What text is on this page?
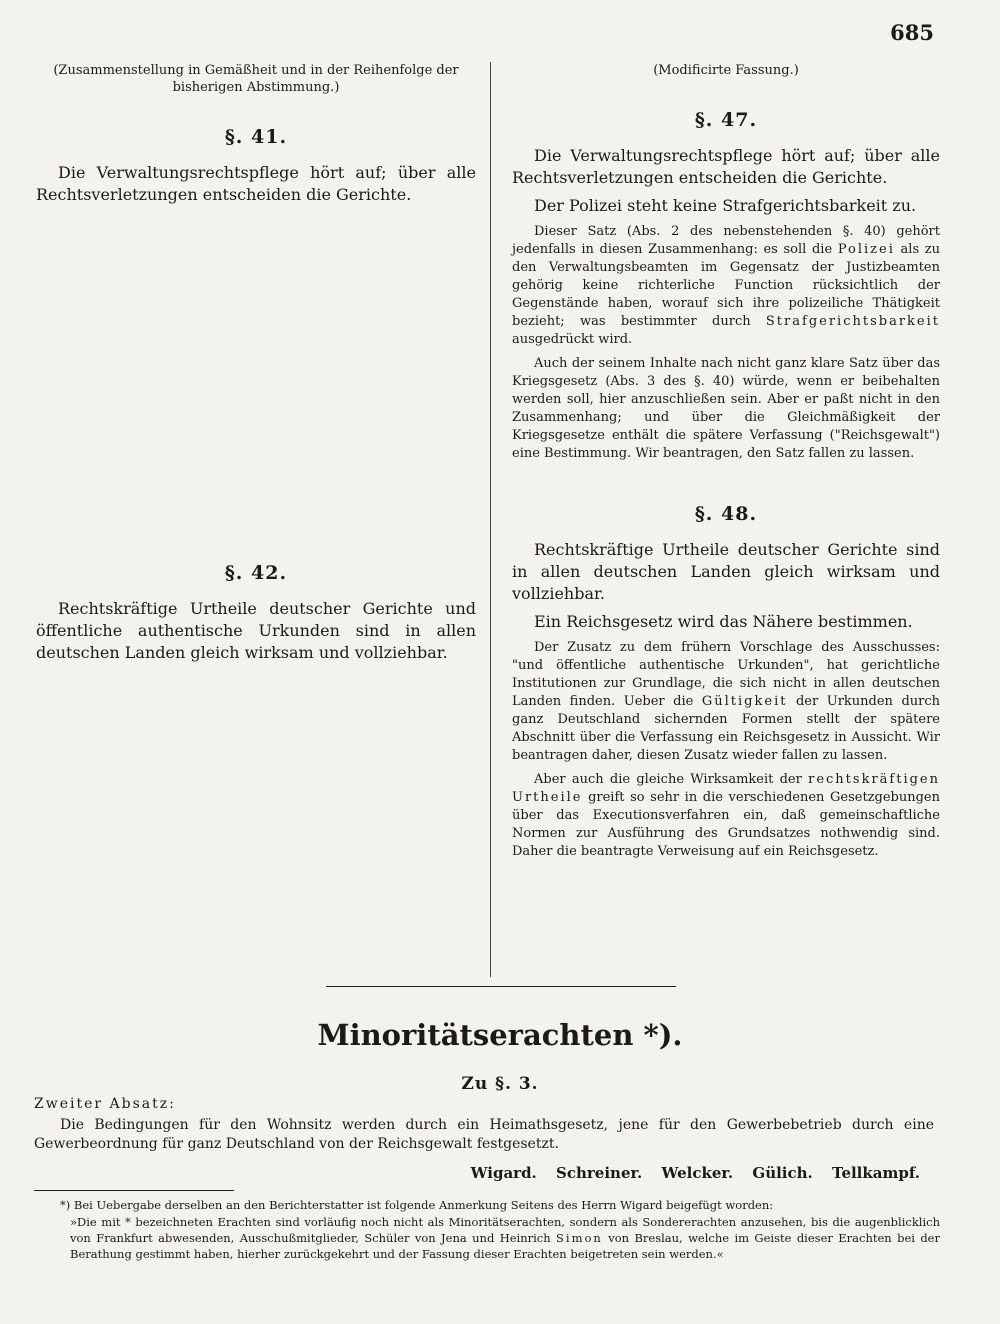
685

(Zusammenstellung in Gemäßheit und in der Reihenfolge der bisherigen Abstimmung.)

§. 41.

Die Verwaltungsrechtspflege hört auf; über alle Rechtsverletzungen entscheiden die Gerichte.

§. 42.

Rechtskräftige Urtheile deutscher Gerichte und öffentliche authentische Urkunden sind in allen deutschen Landen gleich wirksam und vollziehbar.

(Modificirte Fassung.)

§. 47.

Die Verwaltungsrechtspflege hört auf; über alle Rechtsverletzungen entscheiden die Gerichte.

Der Polizei steht keine Strafgerichtsbarkeit zu.

Dieser Satz (Abs. 2 des nebenstehenden §. 40) gehört jedenfalls in diesen Zusammenhang: es soll die Polizei als zu den Verwaltungsbeamten im Gegensatz der Justizbeamten gehörig keine richterliche Function rücksichtlich der Gegenstände haben, worauf sich ihre polizeiliche Thätigkeit bezieht; was bestimmter durch Strafgerichtsbarkeit ausgedrückt wird.

Auch der seinem Inhalte nach nicht ganz klare Satz über das Kriegsgesetz (Abs. 3 des §. 40) würde, wenn er beibehalten werden soll, hier anzuschließen sein. Aber er paßt nicht in den Zusammenhang; und über die Gleichmäßigkeit der Kriegsgesetze enthält die spätere Verfassung ("Reichsgewalt") eine Bestimmung. Wir beantragen, den Satz fallen zu lassen.

§. 48.

Rechtskräftige Urtheile deutscher Gerichte sind in allen deutschen Landen gleich wirksam und vollziehbar.

Ein Reichsgesetz wird das Nähere bestimmen.

Der Zusatz zu dem frühern Vorschlage des Ausschusses: "und öffentliche authentische Urkunden", hat gerichtliche Institutionen zur Grundlage, die sich nicht in allen deutschen Landen finden. Ueber die Gültigkeit der Urkunden durch ganz Deutschland sichernden Formen stellt der spätere Abschnitt über die Verfassung ein Reichsgesetz in Aussicht. Wir beantragen daher, diesen Zusatz wieder fallen zu lassen.

Aber auch die gleiche Wirksamkeit der rechtskräftigen Urtheile greift so sehr in die verschiedenen Gesetzgebungen über das Executionsverfahren ein, daß gemeinschaftliche Normen zur Ausführung des Grundsatzes nothwendig sind. Daher die beantragte Verweisung auf ein Reichsgesetz.

Minoritätserachten *).
Zu §. 3.
Zweiter Absatz:

Die Bedingungen für den Wohnsitz werden durch ein Heimathsgesetz, jene für den Gewerbebetrieb durch eine Gewerbeordnung für ganz Deutschland von der Reichsgewalt festgesetzt.

Wigard. Schreiner. Welcker. Gülich. Tellkampf.

*) Bei Uebergabe derselben an den Berichterstatter ist folgende Anmerkung Seitens des Herrn Wigard beigefügt worden:

»Die mit * bezeichneten Erachten sind vorläufig noch nicht als Minoritätserachten, sondern als Sondererachten anzusehen, bis die augenblicklich von Frankfurt abwesenden, Ausschußmitglieder, Schüler von Jena und Heinrich Simon von Breslau, welche im Geiste dieser Erachten bei der Berathung gestimmt haben, hierher zurückgekehrt und der Fassung dieser Erachten beigetreten sein werden.«
